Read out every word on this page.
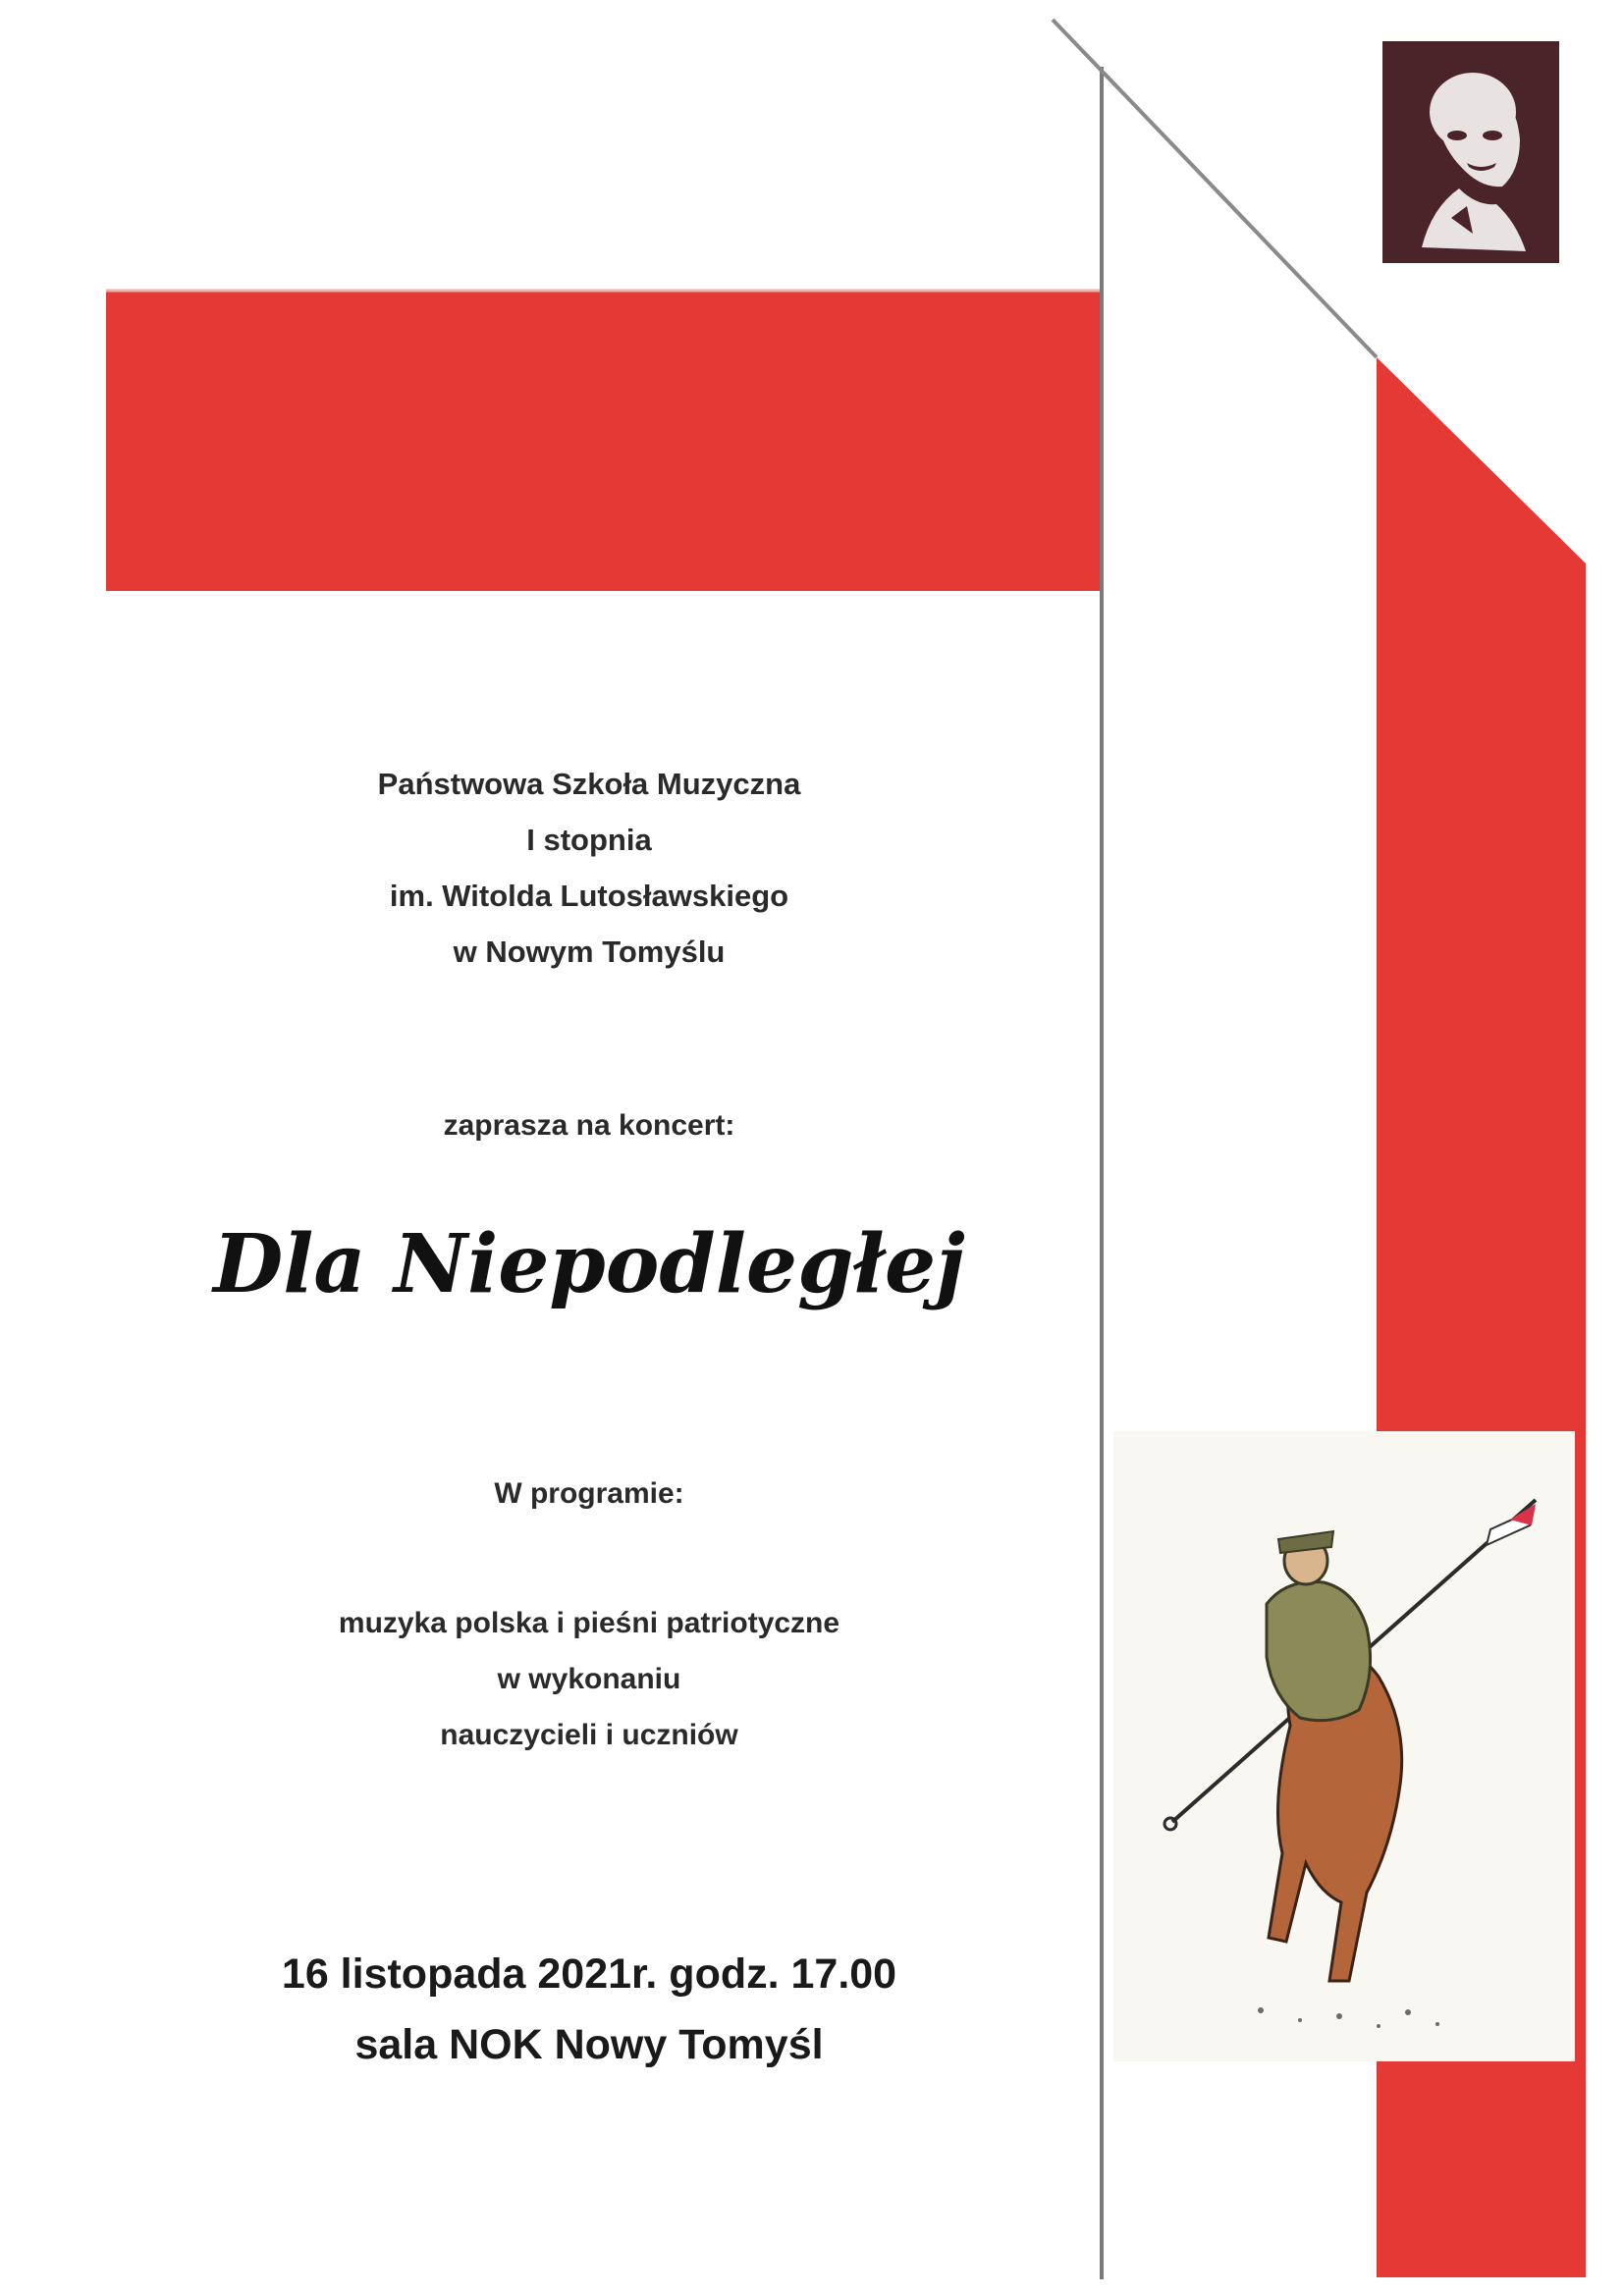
Państwowa Szkoła Muzyczna
I stopnia
im. Witolda Lutosławskiego
w Nowym Tomyślu
zaprasza na koncert:
Dla Niepodległej
W programie:
muzyka polska i pieśni patriotyczne
w wykonaniu
nauczycieli i uczniów
16 listopada 2021r. godz. 17.00
sala NOK Nowy Tomyśl
